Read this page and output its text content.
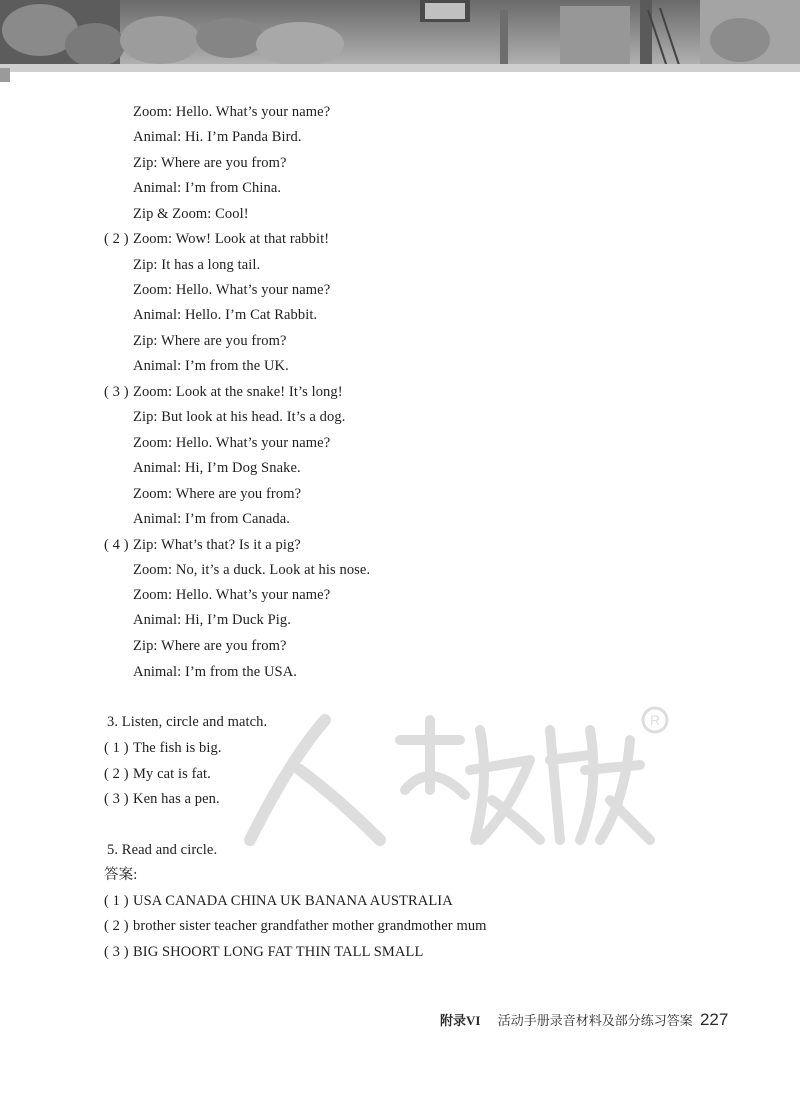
Zoom: Hello. What’s your name?
Animal: Hi. I’m Panda Bird.
Zip: Where are you from?
Animal: I’m from China.
Zip & Zoom: Cool!
( 2 ) Zoom: Wow! Look at that rabbit!
Zip: It has a long tail.
Zoom: Hello. What’s your name?
Animal: Hello. I’m Cat Rabbit.
Zip: Where are you from?
Animal: I’m from the UK.
( 3 ) Zoom: Look at the snake! It’s long!
Zip: But look at his head. It’s a dog.
Zoom: Hello. What’s your name?
Animal: Hi, I’m Dog Snake.
Zoom: Where are you from?
Animal: I’m from Canada.
( 4 ) Zip: What’s that? Is it a pig?
Zoom: No, it’s a duck. Look at his nose.
Zoom: Hello. What’s your name?
Animal: Hi, I’m Duck Pig.
Zip: Where are you from?
Animal: I’m from the USA.
R
3. Listen, circle and match.
( 1 ) The fish is big.
( 2 ) My cat is fat.
( 3 ) Ken has a pen.
5. Read and circle.
答案:
( 1 ) USA CANADA CHINA UK BANANA AUSTRALIA
( 2 ) brother sister teacher grandfather mother grandmother mum
( 3 ) BIG SHOORT LONG FAT THIN TALL SMALL
附录VI 活动手册录音材料及部分练习答案 227
